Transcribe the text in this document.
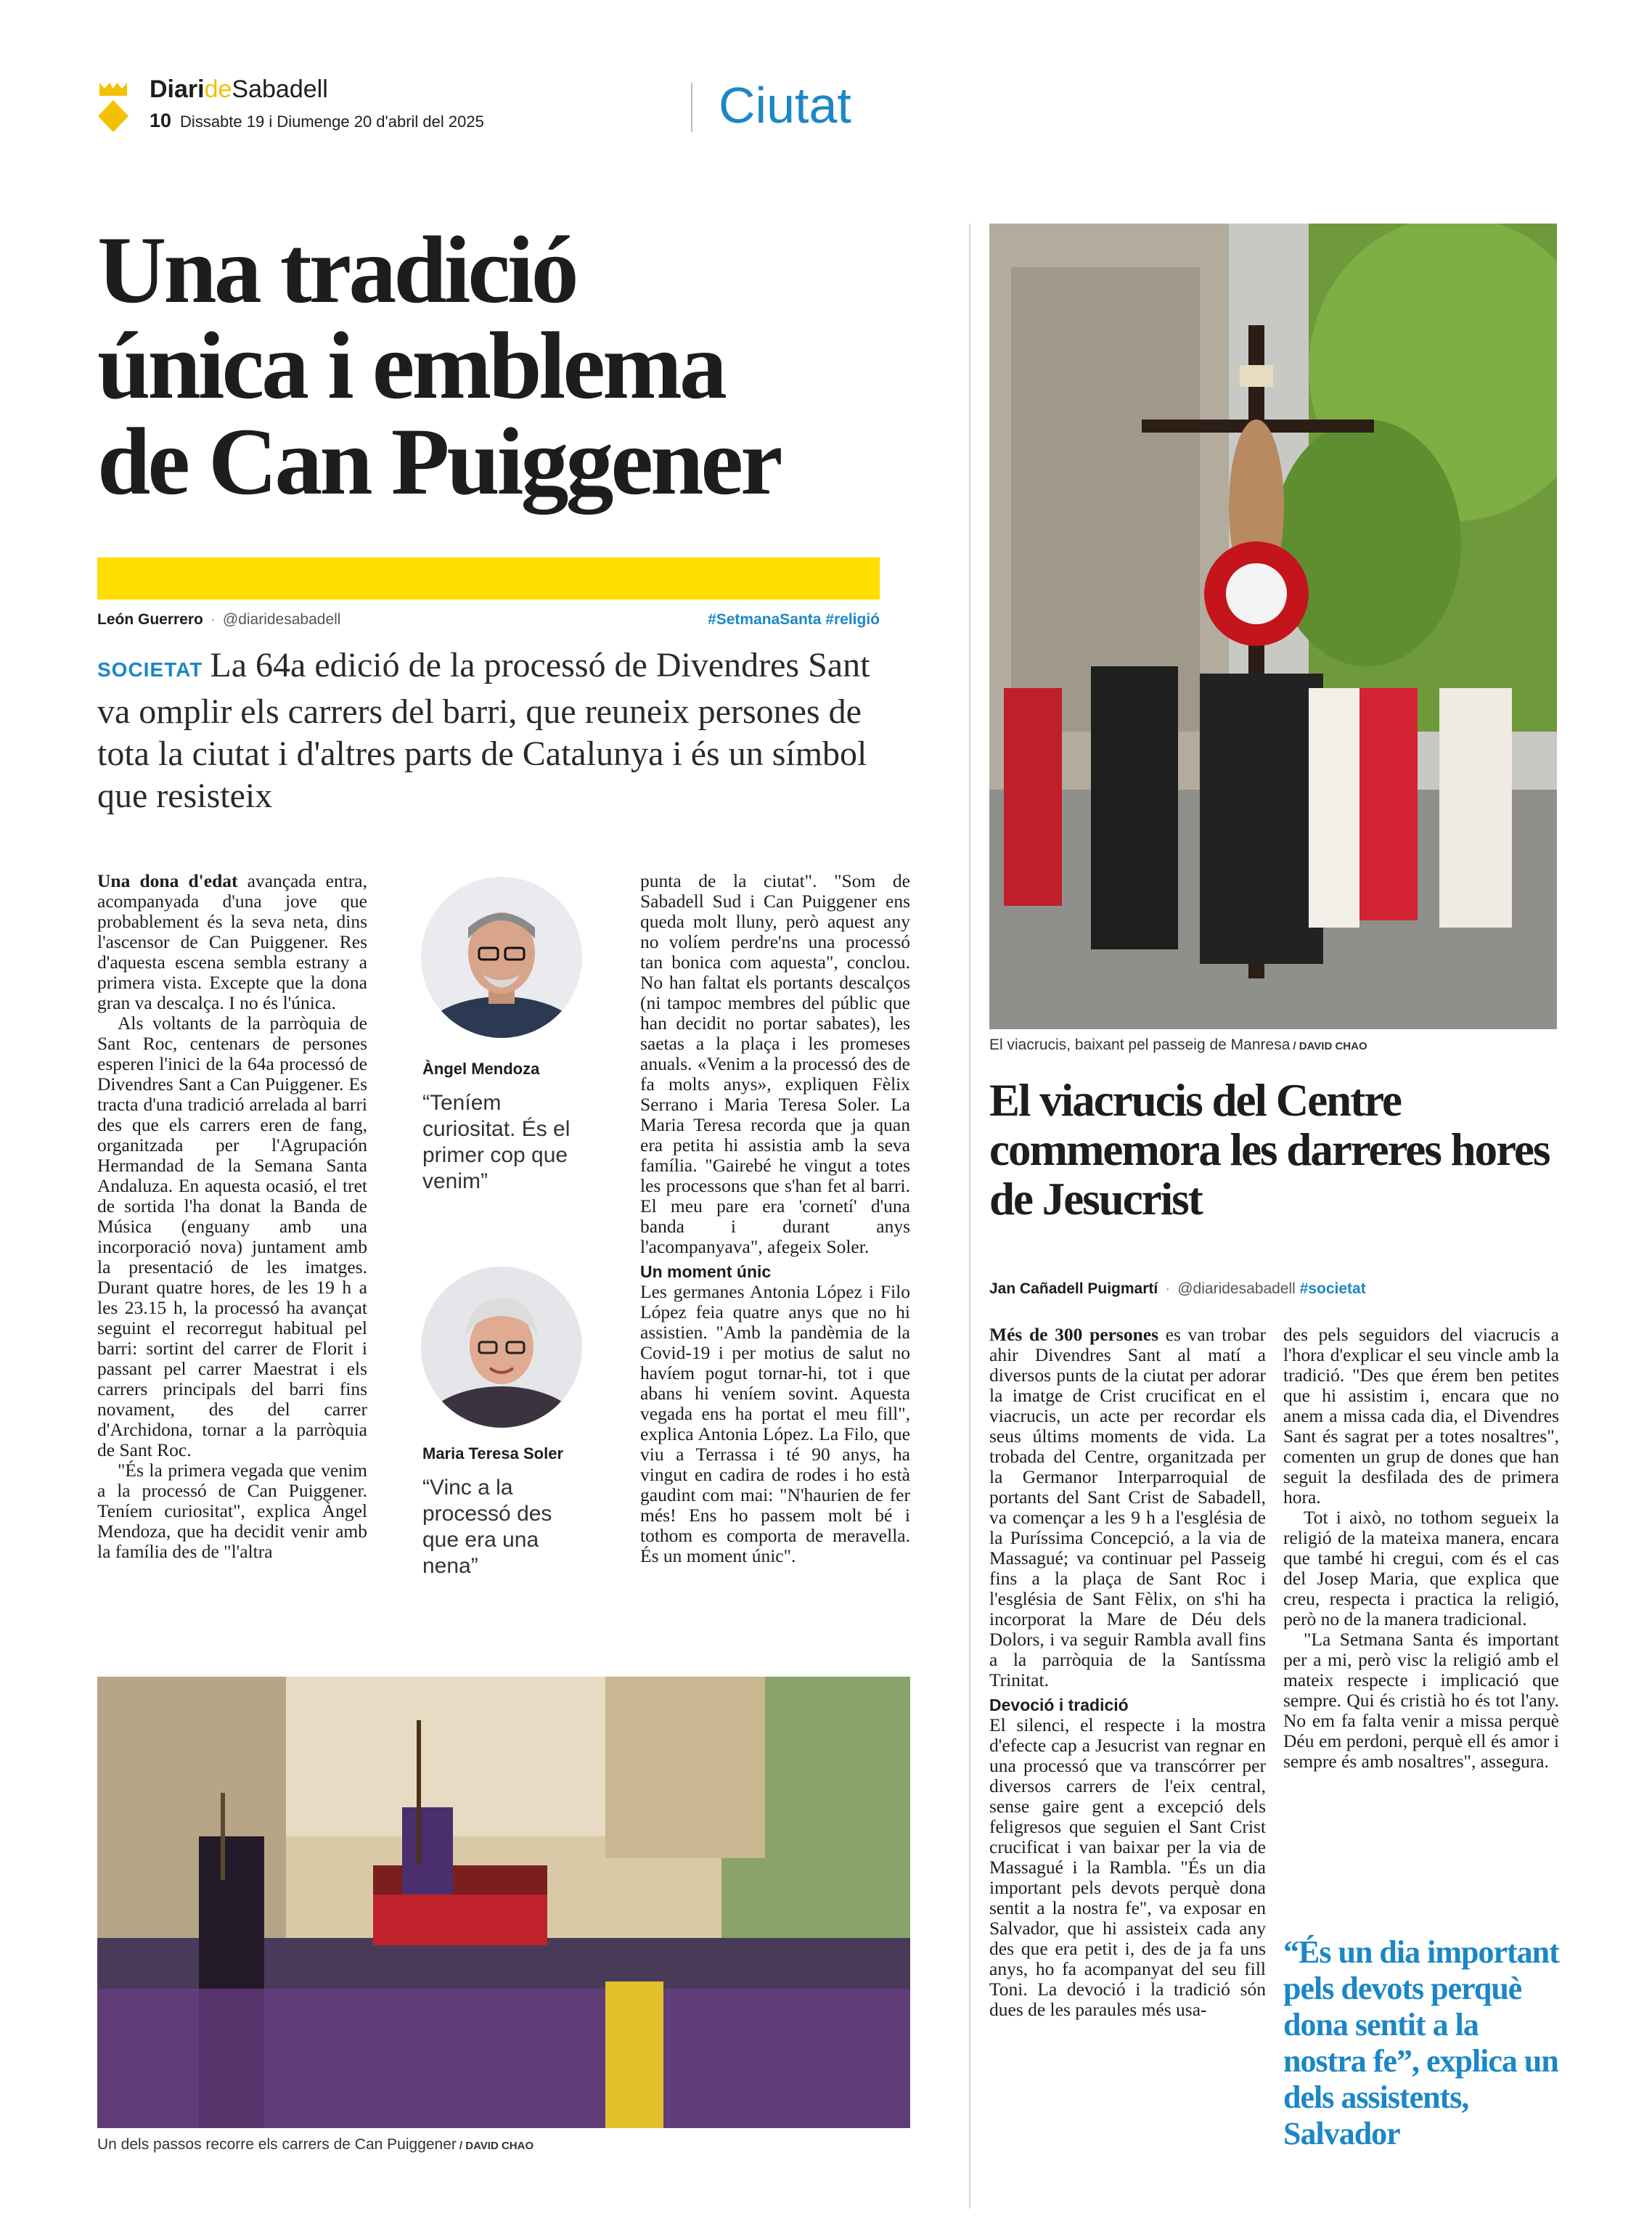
DiarideSabadell
10 Dissabte 19 i Diumenge 20 d'abril del 2025	Ciutat
Una tradició
única i emblema
de Can Puiggener
León Guerrero · @diaridesabadell	#SetmanaSanta #religió
SOCIETAT La 64a edició de la processó de Divendres Sant va omplir els carrers del barri, que reuneix persones de tota la ciutat i d'altres parts de Catalunya i és un símbol que resisteix

Una dona d'edat avançada entra, acompanyada d'una jove que probablement és la seva neta, dins l'ascensor de Can Puiggener. Res d'aquesta escena sembla estrany a primera vista. Excepte que la dona gran va descalça. I no és l'única.

Als voltants de la parròquia de Sant Roc, centenars de persones esperen l'inici de la 64a processó de Divendres Sant a Can Puiggener. Es tracta d'una tradició arrelada al barri des que els carrers eren de fang, organitzada per l'Agrupación Hermandad de la Semana Santa Andaluza. En aquesta ocasió, el tret de sortida l'ha donat la Banda de Música (enguany amb una incorporació nova) juntament amb la presentació de les imatges. Durant quatre hores, de les 19 h a les 23.15 h, la processó ha avançat seguint el recorregut habitual pel barri: sortint del carrer de Florit i passant pel carrer Maestrat i els carrers principals del barri fins novament, des del carrer d'Archidona, tornar a la parròquia de Sant Roc.

"És la primera vegada que venim a la processó de Can Puiggener. Teníem curiositat", explica Àngel Mendoza, que ha decidit venir amb la família des de "l'altra

Àngel Mendoza
“Teníem curiositat. És el primer cop que venim”
Maria Teresa Soler
“Vinc a la processó des que era una nena”

punta de la ciutat". "Som de Sabadell Sud i Can Puiggener ens queda molt lluny, però aquest any no volíem perdre'ns una processó tan bonica com aquesta", conclou. No han faltat els portants descalços (ni tampoc membres del públic que han decidit no portar sabates), les saetas a la plaça i les promeses anuals. «Venim a la processó des de fa molts anys», expliquen Fèlix Serrano i Maria Teresa Soler. La Maria Teresa recorda que ja quan era petita hi assistia amb la seva família. "Gairebé he vingut a totes les processons que s'han fet al barri. El meu pare era 'cornetí' d'una banda i durant anys l'acompanyava", afegeix Soler.

Un moment únic

Les germanes Antonia López i Filo López feia quatre anys que no hi assistien. "Amb la pandèmia de la Covid-19 i per motius de salut no havíem pogut tornar-hi, tot i que abans hi veníem sovint. Aquesta vegada ens ha portat el meu fill", explica Antonia López. La Filo, que viu a Terrassa i té 90 anys, ha vingut en cadira de rodes i ho està gaudint com mai: "N'haurien de fer més! Ens ho passem molt bé i tothom es comporta de meravella. És un moment únic".

Un dels passos recorre els carrers de Can Puiggener / DAVID CHAO
El viacrucis, baixant pel passeig de Manresa / DAVID CHAO
El viacrucis del Centre commemora les darreres hores de Jesucrist
Jan Cañadell Puigmartí · @diaridesabadell #societat

Més de 300 persones es van trobar ahir Divendres Sant al matí a diversos punts de la ciutat per adorar la imatge de Crist crucificat en el viacrucis, un acte per recordar els seus últims moments de vida. La trobada del Centre, organitzada per la Germanor Interparroquial de portants del Sant Crist de Sabadell, va començar a les 9 h a l'església de la Puríssima Concepció, a la via de Massagué; va continuar pel Passeig fins a la plaça de Sant Roc i l'església de Sant Fèlix, on s'hi ha incorporat la Mare de Déu dels Dolors, i va seguir Rambla avall fins a la parròquia de la Santíssma Trinitat.

Devoció i tradició

El silenci, el respecte i la mostra d'efecte cap a Jesucrist van regnar en una processó que va transcórrer per diversos carrers de l'eix central, sense gaire gent a excepció dels feligresos que seguien el Sant Crist crucificat i van baixar per la via de Massagué i la Rambla. "És un dia important pels devots perquè dona sentit a la nostra fe", va exposar en Salvador, que hi assisteix cada any des que era petit i, des de ja fa uns anys, ho fa acompanyat del seu fill Toni. La devoció i la tradició són dues de les paraules més usa-

des pels seguidors del viacrucis a l'hora d'explicar el seu vincle amb la tradició. "Des que érem ben petites que hi assistim i, encara que no anem a missa cada dia, el Divendres Sant és sagrat per a totes nosaltres", comenten un grup de dones que han seguit la desfilada des de primera hora.

Tot i això, no tothom segueix la religió de la mateixa manera, encara que també hi cregui, com és el cas del Josep Maria, que explica que creu, respecta i practica la religió, però no de la manera tradicional.

"La Setmana Santa és important per a mi, però visc la religió amb el mateix respecte i implicació que sempre. Qui és cristià ho és tot l'any. No em fa falta venir a missa perquè Déu em perdoni, perquè ell és amor i sempre és amb nosaltres", assegura.

“És un dia important pels devots perquè dona sentit a la nostra fe”, explica un dels assistents, Salvador
